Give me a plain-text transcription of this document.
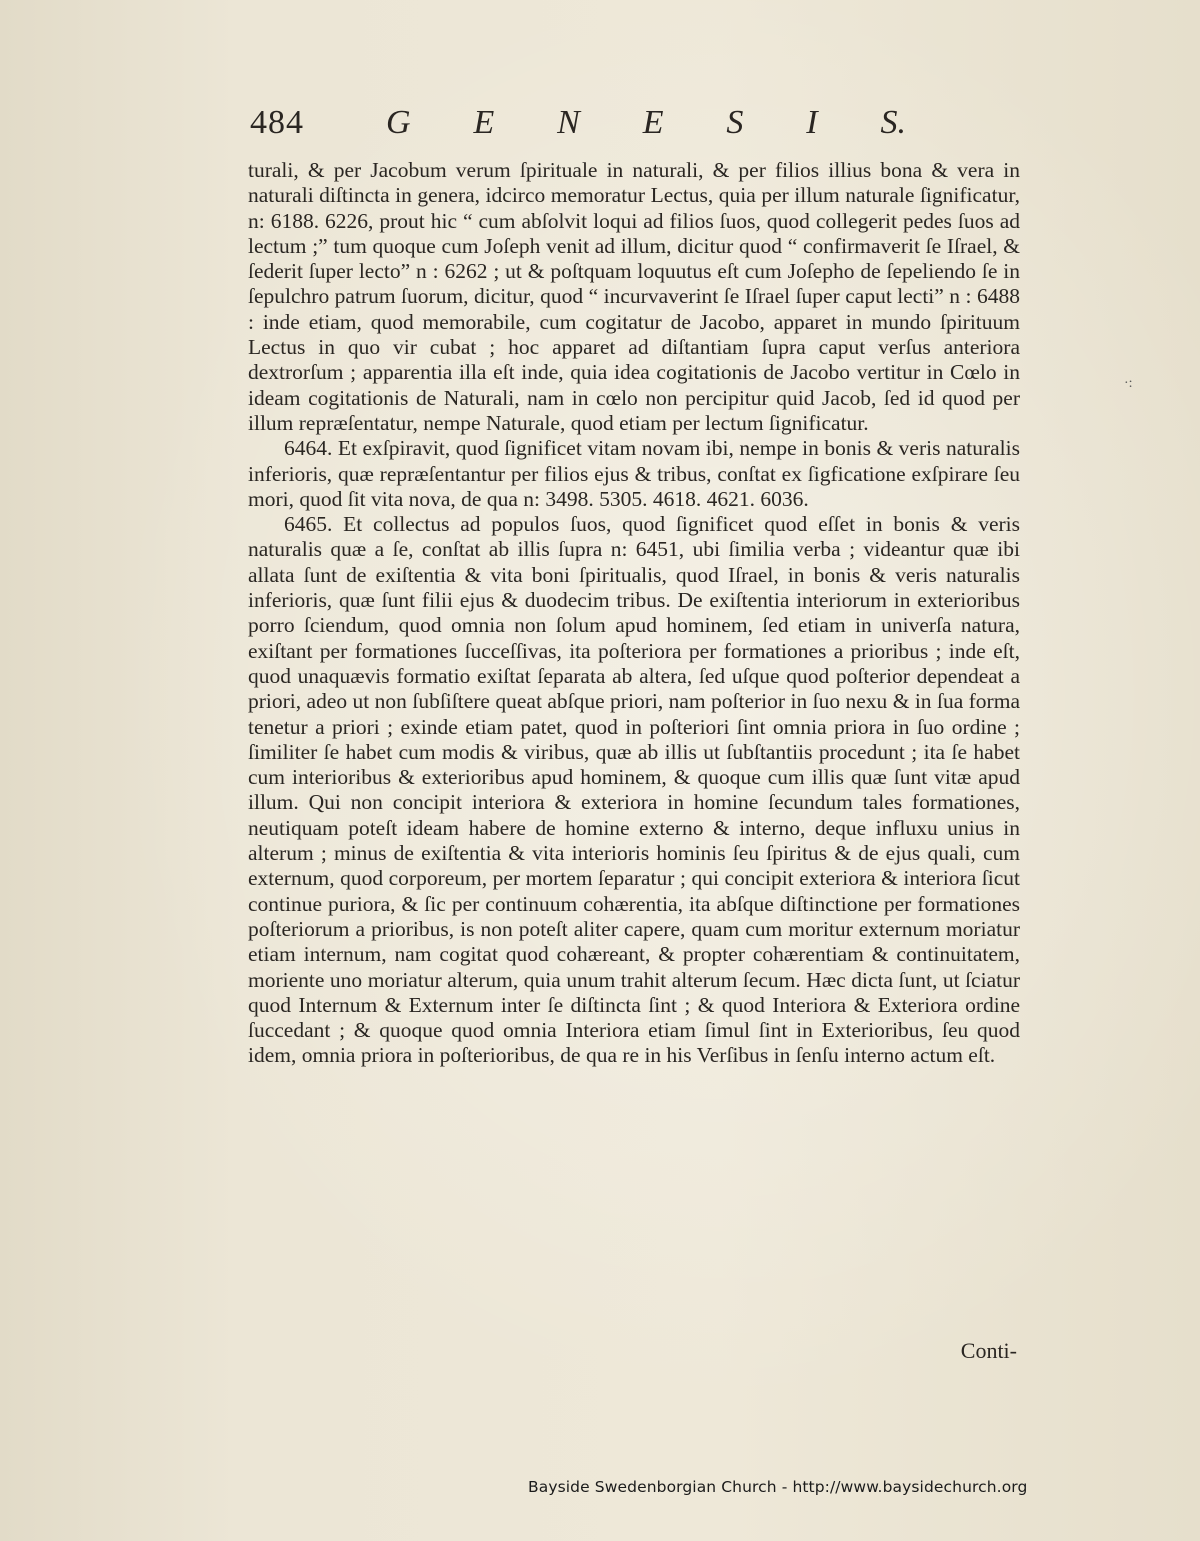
484 G E N E S I S.
·:

turali, & per Jacobum verum ſpirituale in naturali, & per filios illius bona & vera in naturali diſtincta in genera, idcirco memoratur Lectus, quia per illum naturale ſignificatur, n: 6188. 6226, prout hic “ cum abſolvit loqui ad filios ſuos, quod collegerit pedes ſuos ad lectum ;” tum quoque cum Joſeph venit ad illum, dicitur quod “ confirmaverit ſe Iſrael, & ſederit ſuper lecto” n : 6262 ; ut & poſtquam loquutus eſt cum Joſepho de ſepeliendo ſe in ſepulchro patrum ſuorum, dicitur, quod “ incurvaverint ſe Iſrael ſuper caput lecti” n : 6488 : inde etiam, quod memorabile, cum cogitatur de Jacobo, apparet in mundo ſpirituum Lectus in quo vir cubat ; hoc apparet ad diſtantiam ſupra caput verſus anteriora dextrorſum ; apparentia illa eſt inde, quia idea cogitationis de Jacobo vertitur in Cœlo in ideam cogitationis de Naturali, nam in cœlo non percipitur quid Jacob, ſed id quod per illum repræſentatur, nempe Naturale, quod etiam per lectum ſignificatur.

6464. Et exſpiravit, quod ſignificet vitam novam ibi, nempe in bonis & veris naturalis inferioris, quæ repræſentantur per filios ejus & tribus, conſtat ex ſigficatione exſpirare ſeu mori, quod ſit vita nova, de qua n: 3498. 5305. 4618. 4621. 6036.

6465. Et collectus ad populos ſuos, quod ſignificet quod eſſet in bonis & veris naturalis quæ a ſe, conſtat ab illis ſupra n: 6451, ubi ſimilia verba ; videantur quæ ibi allata ſunt de exiſtentia & vita boni ſpiritualis, quod Iſrael, in bonis & veris naturalis inferioris, quæ ſunt filii ejus & duodecim tribus. De exiſtentia interiorum in exterioribus porro ſciendum, quod omnia non ſolum apud hominem, ſed etiam in univerſa natura, exiſtant per formationes ſucceſſivas, ita poſteriora per formationes a prioribus ; inde eſt, quod unaquævis formatio exiſtat ſeparata ab altera, ſed uſque quod poſterior dependeat a priori, adeo ut non ſubſiſtere queat abſque priori, nam poſterior in ſuo nexu & in ſua forma tenetur a priori ; exinde etiam patet, quod in poſteriori ſint omnia priora in ſuo ordine ; ſimiliter ſe habet cum modis & viribus, quæ ab illis ut ſubſtantiis procedunt ; ita ſe habet cum interioribus & exterioribus apud hominem, & quoque cum illis quæ ſunt vitæ apud illum. Qui non concipit interiora & exteriora in homine ſecundum tales formationes, neutiquam poteſt ideam habere de homine externo & interno, deque influxu unius in alterum ; minus de exiſtentia & vita interioris hominis ſeu ſpiritus & de ejus quali, cum externum, quod corporeum, per mortem ſeparatur ; qui concipit exteriora & interiora ſicut continue puriora, & ſic per continuum cohærentia, ita abſque diſtinctione per formationes poſteriorum a prioribus, is non poteſt aliter capere, quam cum moritur externum moriatur etiam internum, nam cogitat quod cohæreant, & propter cohærentiam & continuitatem, moriente uno moriatur alterum, quia unum trahit alterum ſecum. Hæc dicta ſunt, ut ſciatur quod Internum & Externum inter ſe diſtincta ſint ; & quod Interiora & Exteriora ordine ſuccedant ; & quoque quod omnia Interiora etiam ſimul ſint in Exterioribus, ſeu quod idem, omnia priora in poſterioribus, de qua re in his Verſibus in ſenſu interno actum eſt.

Conti-
Bayside Swedenborgian Church - http://www.baysidechurch.org
